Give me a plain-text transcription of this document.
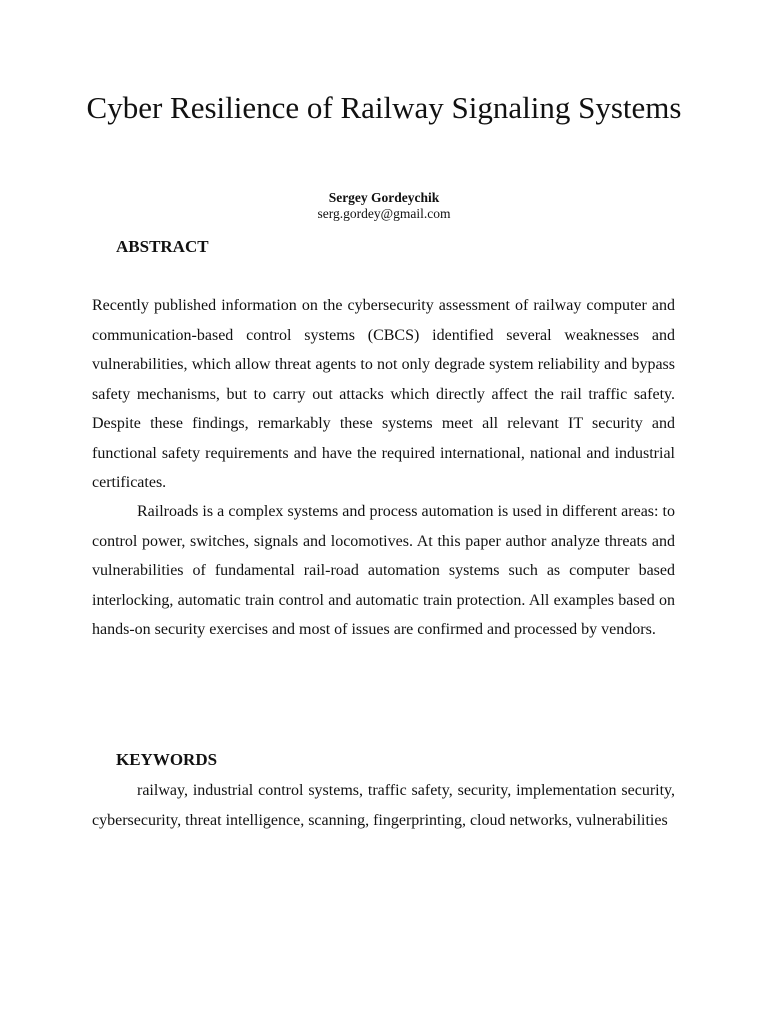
Cyber Resilience of Railway Signaling Systems
Sergey Gordeychik
serg.gordey@gmail.com
ABSTRACT

Recently published information on the cybersecurity assessment of railway computer and communication-based control systems (CBCS) identified several weaknesses and vulnerabilities, which allow threat agents to not only degrade system reliability and bypass safety mechanisms, but to carry out attacks which directly affect the rail traffic safety. Despite these findings, remarkably these systems meet all relevant IT security and functional safety requirements and have the required international, national and industrial certificates.

Railroads is a complex systems and process automation is used in different areas: to control power, switches, signals and locomotives. At this paper author analyze threats and vulnerabilities of fundamental rail-road automation systems such as computer based interlocking, automatic train control and automatic train protection. All examples based on hands-on security exercises and most of issues are confirmed and processed by vendors.

KEYWORDS

railway, industrial control systems, traffic safety, security, implementation security, cybersecurity, threat intelligence, scanning, fingerprinting, cloud networks, vulnerabilities
